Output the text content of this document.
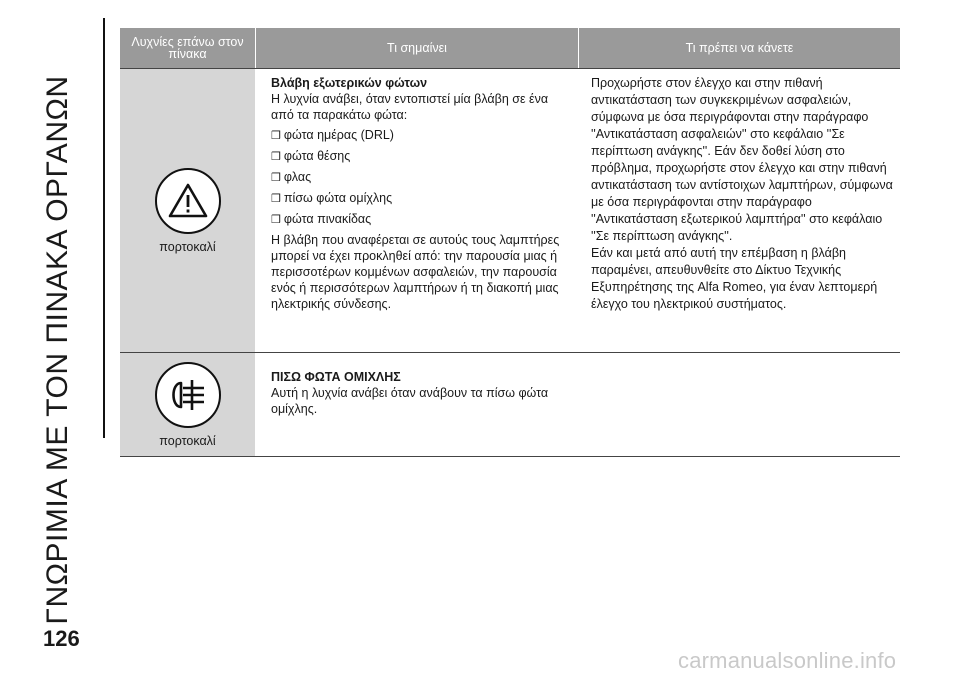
ΓΝΩΡΙΜΙΑ ΜΕ ΤΟΝ ΠΙΝΑΚΑ ΟΡΓΑΝΩΝ
Λυχνίες επάνω στον πίνακα	Τι σημαίνει	Τι πρέπει να κάνετε
πορτοκαλί
Βλάβη εξωτερικών φώτων
Η λυχνία ανάβει, όταν εντοπιστεί μία βλάβη σε ένα από τα παρακάτω φώτα:
❒ φώτα ημέρας (DRL)
❒ φώτα θέσης
❒ φλας
❒ πίσω φώτα ομίχλης
❒ φώτα πινακίδας
Η βλάβη που αναφέρεται σε αυτούς τους λαμπτήρες μπορεί να έχει προκληθεί από: την παρουσία μιας ή περισσοτέρων κομμένων ασφαλειών, την παρουσία ενός ή περισσότερων λαμπτήρων ή τη διακοπή μιας ηλεκτρικής σύνδεσης.
Προχωρήστε στον έλεγχο και στην πιθανή αντικατάσταση των συγκεκριμένων ασφαλειών, σύμφωνα με όσα περιγράφονται στην παράγραφο ''Αντικατάσταση ασφαλειών'' στο κεφάλαιο ''Σε περίπτωση ανάγκης''. Εάν δεν δοθεί λύση στο πρόβλημα, προχωρήστε στον έλεγχο και στην πιθανή αντικατάσταση των αντίστοιχων λαμπτήρων, σύμφωνα με όσα περιγράφονται στην παράγραφο ''Αντικατάσταση εξωτερικού λαμπτήρα'' στο κεφάλαιο ''Σε περίπτωση ανάγκης''.
Εάν και μετά από αυτή την επέμβαση η βλάβη παραμένει, απευθυνθείτε στο Δίκτυο Τεχνικής Εξυπηρέτησης της Alfa Romeo, για έναν λεπτομερή έλεγχο του ηλεκτρικού συστήματος.
πορτοκαλί
ΠΙΣΩ ΦΩΤΑ ΟΜΙΧΛΗΣ
Αυτή η λυχνία ανάβει όταν ανάβουν τα πίσω φώτα ομίχλης.
126
carmanualsonline.info
